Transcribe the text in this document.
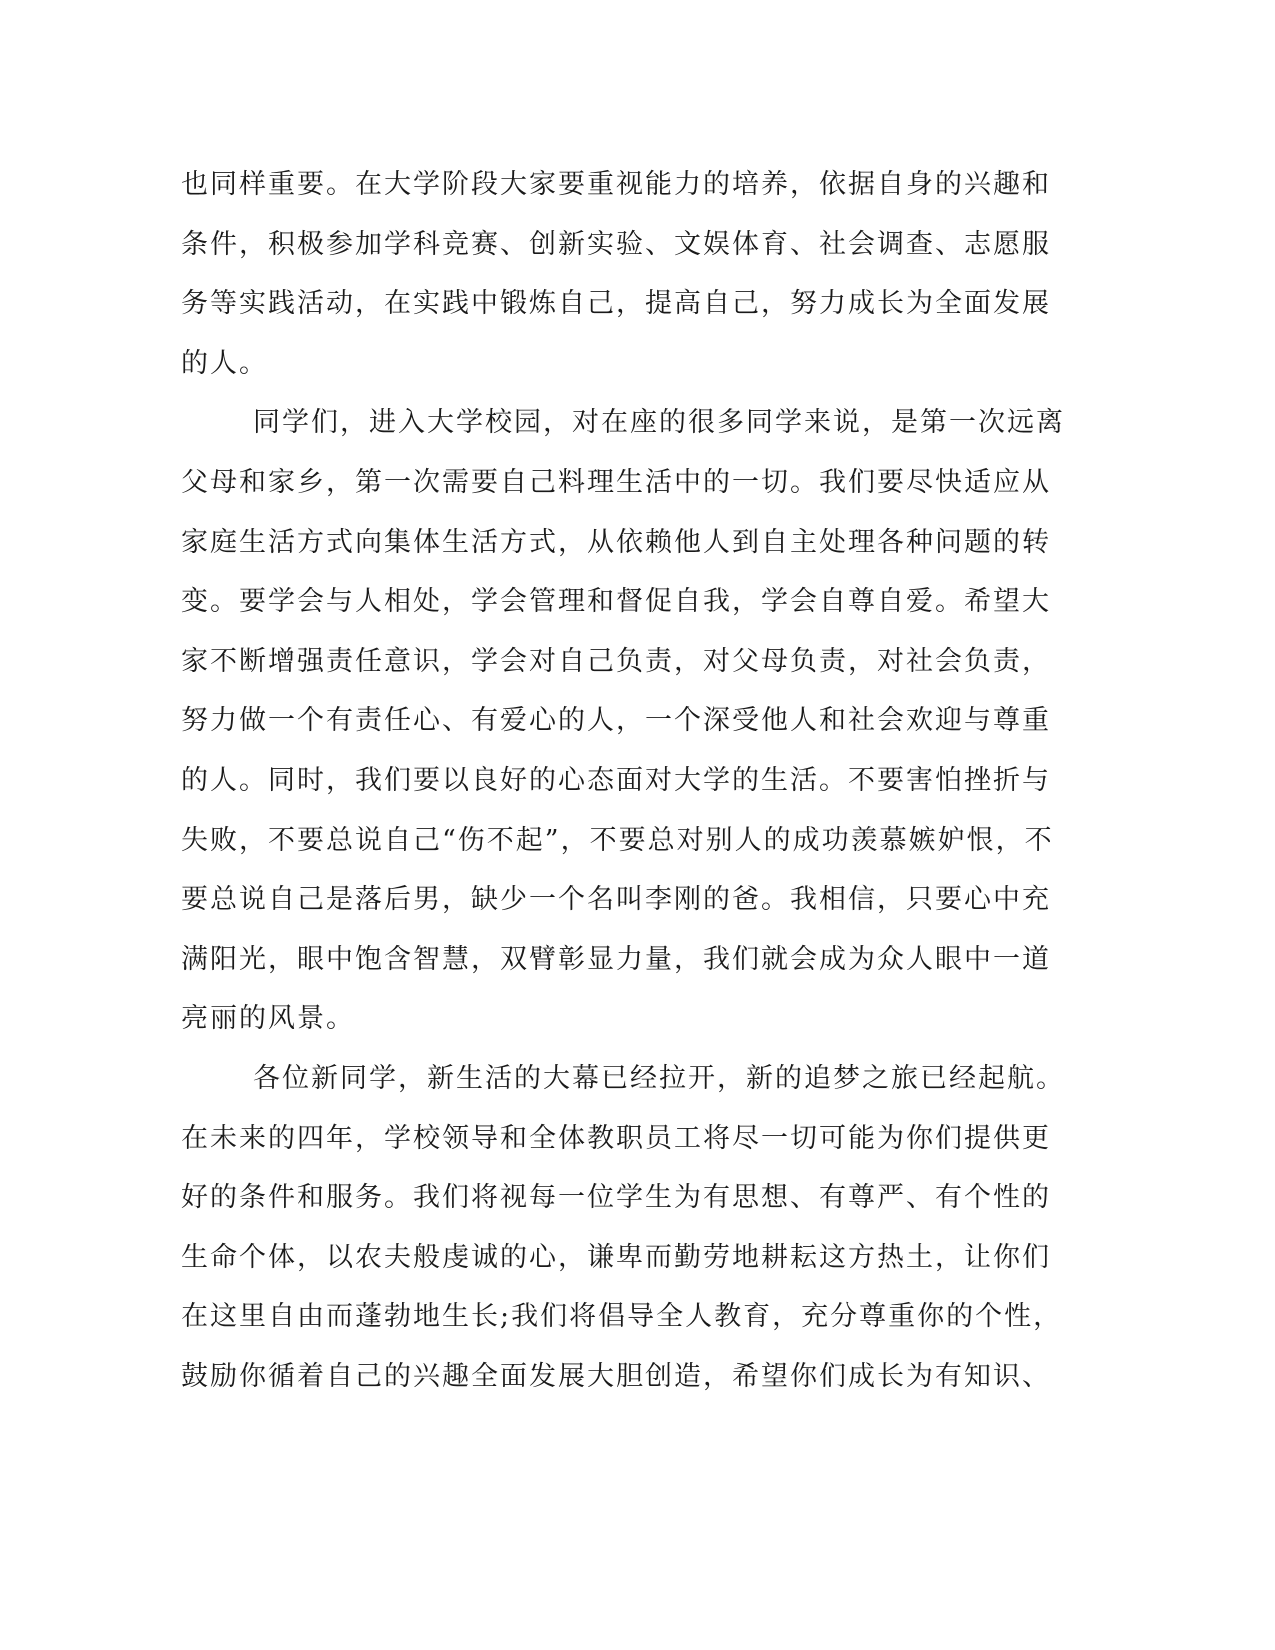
也同样重要。在大学阶段大家要重视能力的培养，依据自身的兴趣和
条件，积极参加学科竞赛、创新实验、文娱体育、社会调查、志愿服
务等实践活动，在实践中锻炼自己，提高自己，努力成长为全面发展
的人。
同学们，进入大学校园，对在座的很多同学来说，是第一次远离
父母和家乡，第一次需要自己料理生活中的一切。我们要尽快适应从
家庭生活方式向集体生活方式，从依赖他人到自主处理各种问题的转
变。要学会与人相处，学会管理和督促自我，学会自尊自爱。希望大
家不断增强责任意识，学会对自己负责，对父母负责，对社会负责，
努力做一个有责任心、有爱心的人，一个深受他人和社会欢迎与尊重
的人。同时，我们要以良好的心态面对大学的生活。不要害怕挫折与
失败，不要总说自己“伤不起”，不要总对别人的成功羡慕嫉妒恨，不
要总说自己是落后男，缺少一个名叫李刚的爸。我相信，只要心中充
满阳光，眼中饱含智慧，双臂彰显力量，我们就会成为众人眼中一道
亮丽的风景。
各位新同学，新生活的大幕已经拉开，新的追梦之旅已经起航。
在未来的四年，学校领导和全体教职员工将尽一切可能为你们提供更
好的条件和服务。我们将视每一位学生为有思想、有尊严、有个性的
生命个体，以农夫般虔诚的心，谦卑而勤劳地耕耘这方热土，让你们
在这里自由而蓬勃地生长;我们将倡导全人教育，充分尊重你的个性，
鼓励你循着自己的兴趣全面发展大胆创造，希望你们成长为有知识、
